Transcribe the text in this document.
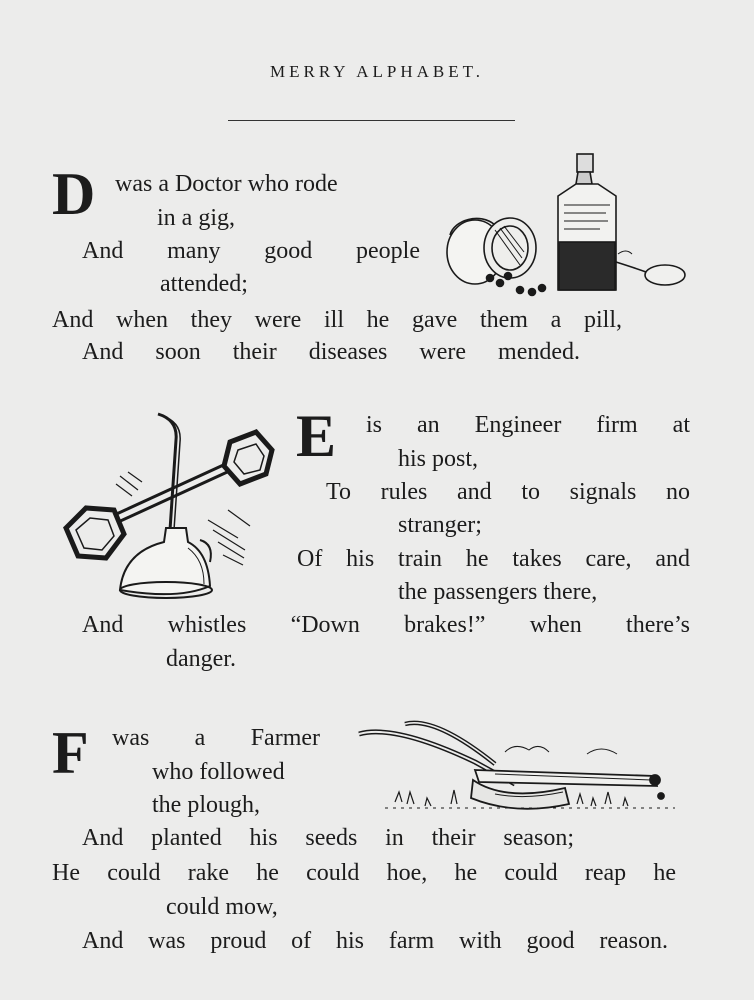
MERRY ALPHABET.
D was a Doctor who rode
in a gig,
And many good people
attended;
And when they were ill he gave them a pill,
And soon their diseases were mended.
E is an Engineer firm at
his post,
To rules and to signals no
stranger;
Of his train he takes care, and
the passengers there,
And whistles “Down brakes!” when there’s
danger.
F was a Farmer
who followed
the plough,
And planted his seeds in their season;
He could rake he could hoe, he could reap he
could mow,
And was proud of his farm with good reason.
